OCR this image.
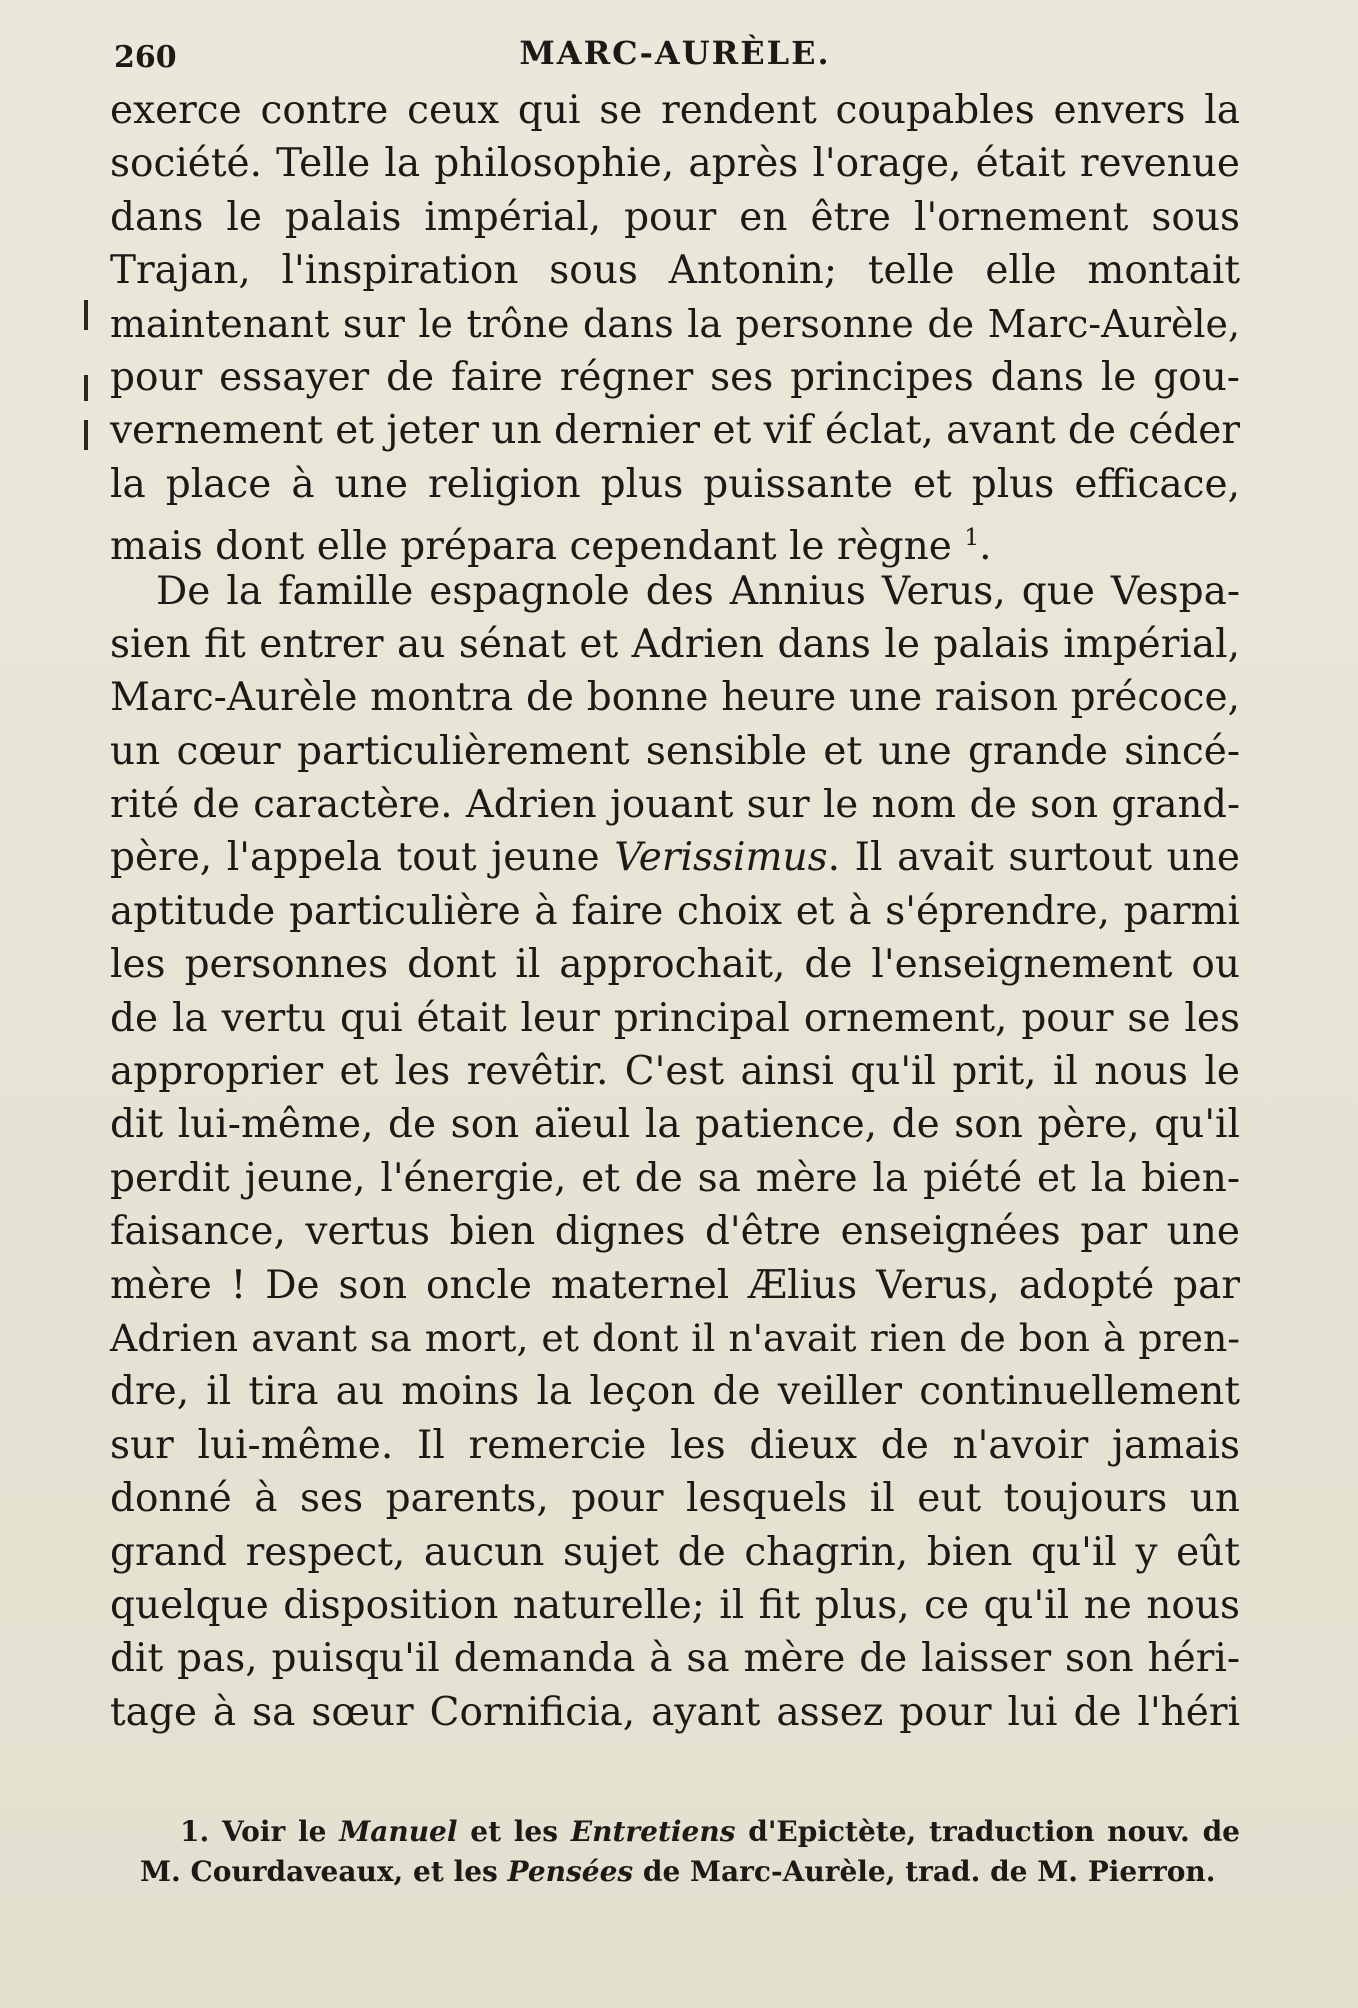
260	MARC-AURÈLE.
exerce contre ceux qui se rendent coupables envers la
société. Telle la philosophie, après l'orage, était revenue
dans le palais impérial, pour en être l'ornement sous
Trajan, l'inspiration sous Antonin; telle elle montait
maintenant sur le trône dans la personne de Marc-Aurèle,
pour essayer de faire régner ses principes dans le gou-
vernement et jeter un dernier et vif éclat, avant de céder
la place à une religion plus puissante et plus efficace,
mais dont elle prépara cependant le règne $^1$.
De la famille espagnole des Annius Verus, que Vespa-
sien fit entrer au sénat et Adrien dans le palais impérial,
Marc-Aurèle montra de bonne heure une raison précoce,
un cœur particulièrement sensible et une grande sincé-
rité de caractère. Adrien jouant sur le nom de son grand-
père, l'appela tout jeune Verissimus. Il avait surtout une
aptitude particulière à faire choix et à s'éprendre, parmi
les personnes dont il approchait, de l'enseignement ou
de la vertu qui était leur principal ornement, pour se les
approprier et les revêtir. C'est ainsi qu'il prit, il nous le
dit lui-même, de son aïeul la patience, de son père, qu'il
perdit jeune, l'énergie, et de sa mère la piété et la bien-
faisance, vertus bien dignes d'être enseignées par une
mère ! De son oncle maternel Ælius Verus, adopté par
Adrien avant sa mort, et dont il n'avait rien de bon à pren-
dre, il tira au moins la leçon de veiller continuellement
sur lui-même. Il remercie les dieux de n'avoir jamais
donné à ses parents, pour lesquels il eut toujours un
grand respect, aucun sujet de chagrin, bien qu'il y eût
quelque disposition naturelle; il fit plus, ce qu'il ne nous
dit pas, puisqu'il demanda à sa mère de laisser son héri-
tage à sa sœur Cornificia, ayant assez pour lui de l'héri
1. Voir le Manuel et les Entretiens d'Epictète, traduction nouv. de
M. Courdaveaux, et les Pensées de Marc-Aurèle, trad. de M. Pierron.
